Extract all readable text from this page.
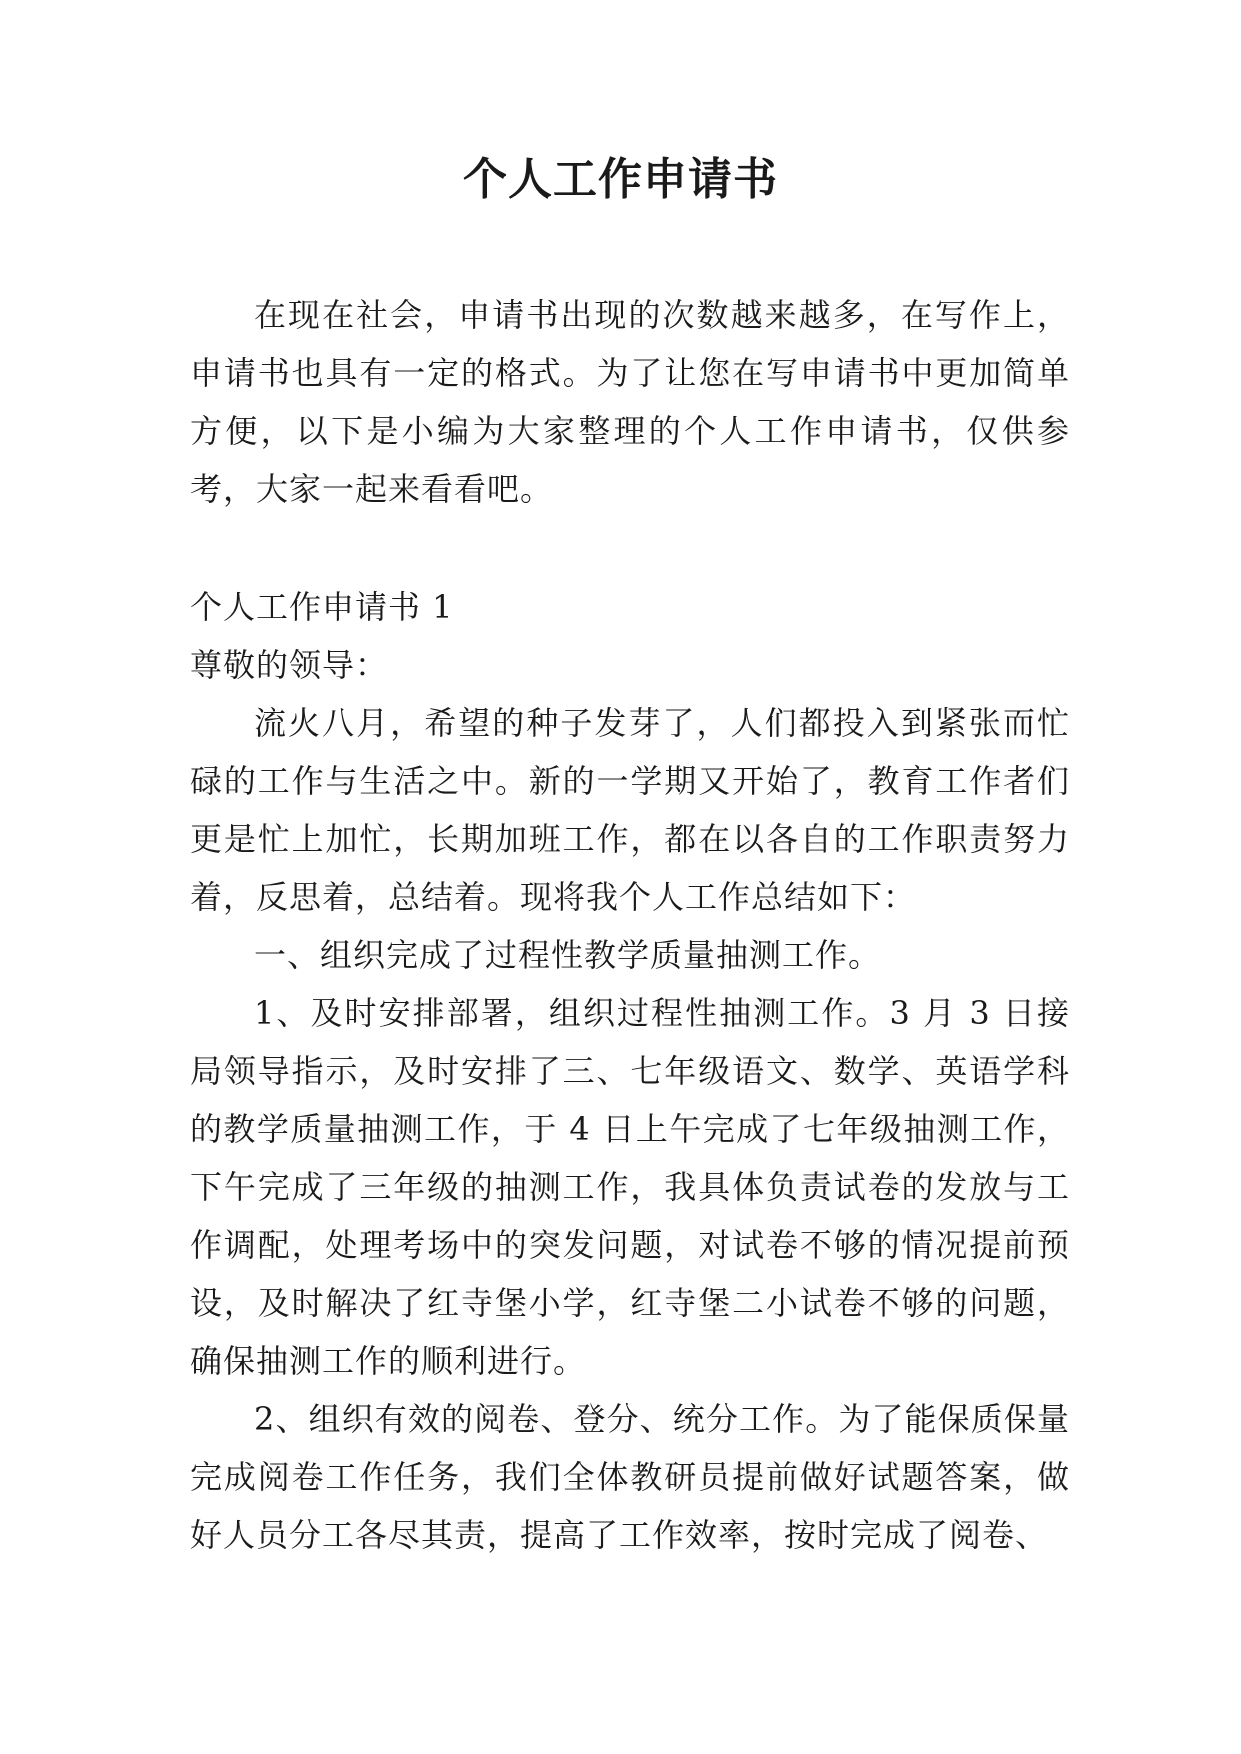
个人工作申请书

在现在社会，申请书出现的次数越来越多，在写作上，申请书也具有一定的格式。为了让您在写申请书中更加简单方便，以下是小编为大家整理的个人工作申请书，仅供参考，大家一起来看看吧。

个人工作申请书 1

尊敬的领导：

流火八月，希望的种子发芽了，人们都投入到紧张而忙碌的工作与生活之中。新的一学期又开始了，教育工作者们更是忙上加忙，长期加班工作，都在以各自的工作职责努力着，反思着，总结着。现将我个人工作总结如下：

一、组织完成了过程性教学质量抽测工作。

1、及时安排部署，组织过程性抽测工作。3 月 3 日接局领导指示，及时安排了三、七年级语文、数学、英语学科的教学质量抽测工作，于 4 日上午完成了七年级抽测工作，下午完成了三年级的抽测工作，我具体负责试卷的发放与工作调配，处理考场中的突发问题，对试卷不够的情况提前预设，及时解决了红寺堡小学，红寺堡二小试卷不够的问题，确保抽测工作的顺利进行。

2、组织有效的阅卷、登分、统分工作。为了能保质保量完成阅卷工作任务，我们全体教研员提前做好试题答案，做好人员分工各尽其责，提高了工作效率，按时完成了阅卷、
